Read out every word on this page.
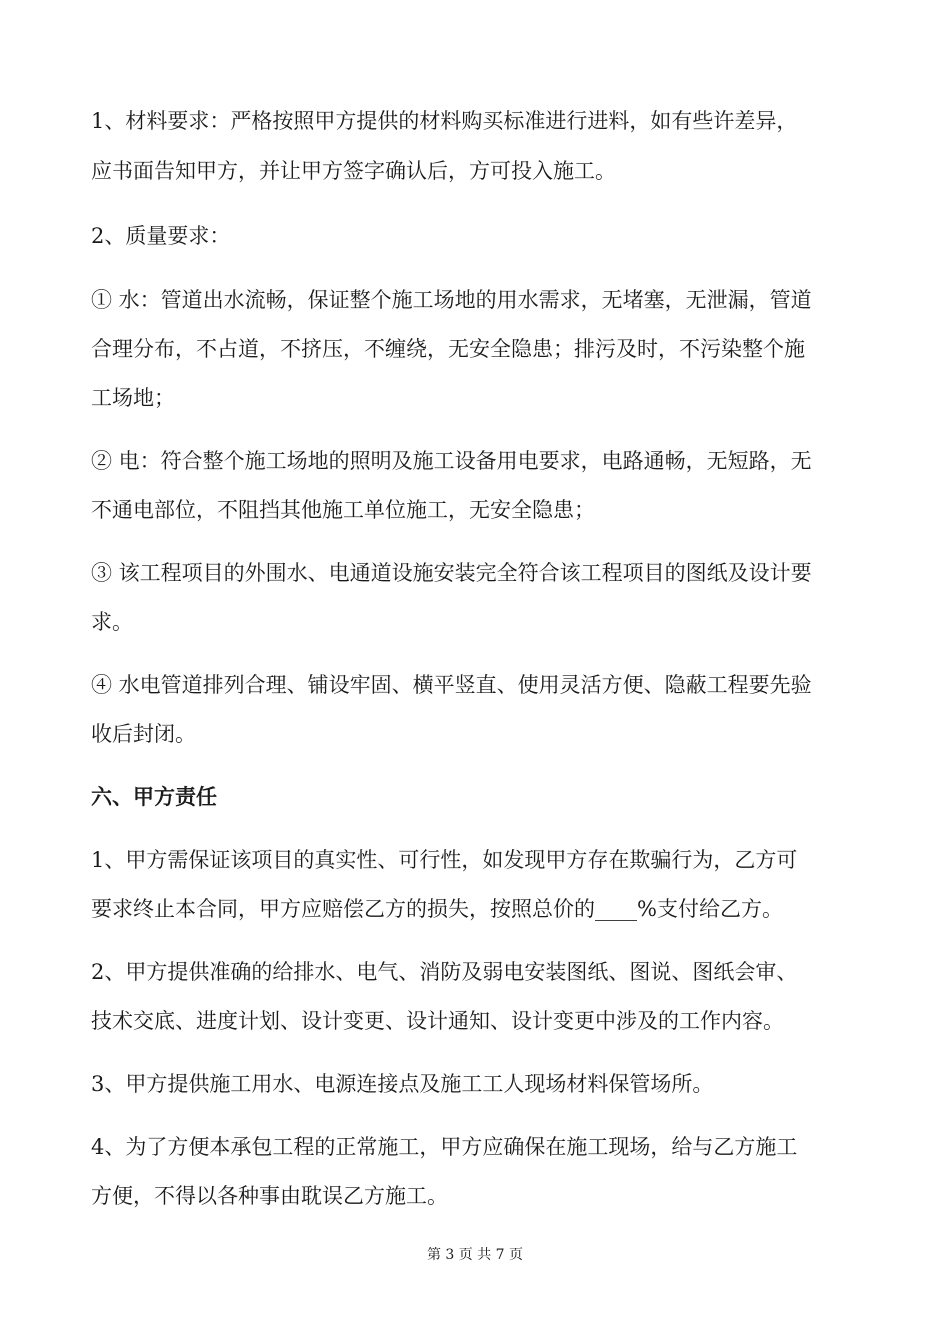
1、材料要求：严格按照甲方提供的材料购买标准进行进料，如有些许差异，
应书面告知甲方，并让甲方签字确认后，方可投入施工。
2、质量要求：
① 水：管道出水流畅，保证整个施工场地的用水需求，无堵塞，无泄漏，管道
合理分布，不占道，不挤压，不缠绕，无安全隐患；排污及时，不污染整个施
工场地；
② 电：符合整个施工场地的照明及施工设备用电要求，电路通畅，无短路，无
不通电部位，不阻挡其他施工单位施工，无安全隐患；
③ 该工程项目的外围水、电通道设施安装完全符合该工程项目的图纸及设计要
求。
④ 水电管道排列合理、铺设牢固、横平竖直、使用灵活方便、隐蔽工程要先验
收后封闭。
六、甲方责任
1、甲方需保证该项目的真实性、可行性，如发现甲方存在欺骗行为，乙方可
要求终止本合同，甲方应赔偿乙方的损失，按照总价的____%支付给乙方。
2、甲方提供准确的给排水、电气、消防及弱电安装图纸、图说、图纸会审、
技术交底、进度计划、设计变更、设计通知、设计变更中涉及的工作内容。
3、甲方提供施工用水、电源连接点及施工工人现场材料保管场所。
4、为了方便本承包工程的正常施工，甲方应确保在施工现场，给与乙方施工
方便，不得以各种事由耽误乙方施工。
第 3 页 共 7 页
